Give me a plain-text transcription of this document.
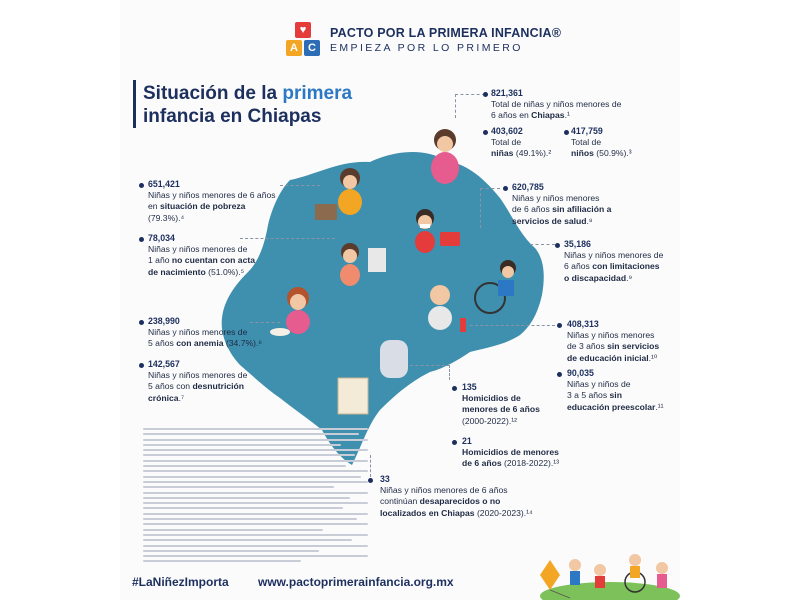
♥
A C
PACTO POR LA PRIMERA INFANCIA®
EMPIEZA POR LO PRIMERO
Situación de la primera
infancia en Chiapas
821,361
Total de niñas y niños menores de
6 años en Chiapas.¹
403,602
Total de
niñas (49.1%).²
417,759
Total de
niños (50.9%).³
620,785
Niñas y niños menores
de 6 años sin afiliación a
servicios de salud.⁸
35,186
Niñas y niños menores de
6 años con limitaciones
o discapacidad.⁹
408,313
Niñas y niños menores
de 3 años sin servicios
de educación inicial.¹⁰
90,035
Niñas y niños de
3 a 5 años sin
educación preescolar.¹¹
651,421
Niñas y niños menores de 6 años
en situación de pobreza (79.3%).⁴
78,034
Niñas y niños menores de
1 año no cuentan con acta
de nacimiento (51.0%).⁵
238,990
Niñas y niños menores de
5 años con anemia (34.7%).⁶
142,567
Niñas y niños menores de
5 años con desnutrición
crónica.⁷
135
Homicidios de
menores de 6 años
(2000-2022).¹²
21
Homicidios de menores
de 6 años (2018-2022).¹³
33
Niñas y niños menores de 6 años
continúan desaparecidos o no
localizados en Chiapas (2020-2023).¹⁴
#LaNiñezImporta www.pactoprimerainfancia.org.mx
